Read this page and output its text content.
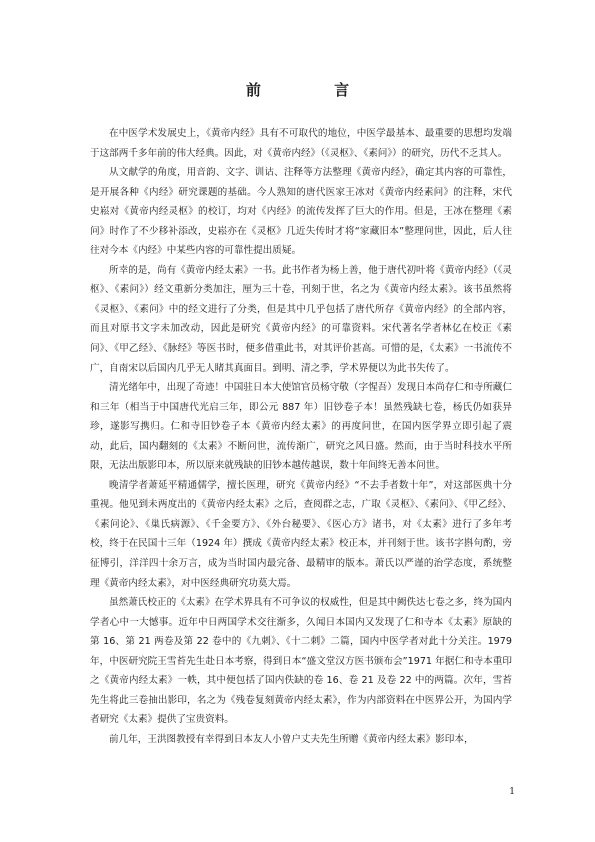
前 言

在中医学术发展史上，《黄帝内经》具有不可取代的地位，中医学最基本、最重要的思想均发端于这部两千多年前的伟大经典。因此，对《黄帝内经》（《灵枢》、《素问》）的研究，历代不乏其人。

从文献学的角度，用音韵、文字、训诂、注释等方法整理《黄帝内经》，确定其内容的可靠性，是开展各种《内经》研究课题的基础。今人熟知的唐代医家王冰对《黄帝内经素问》的注释，宋代史崧对《黄帝内经灵枢》的校订，均对《内经》的流传发挥了巨大的作用。但是，王冰在整理《素问》时作了不少移补添改，史崧亦在《灵枢》几近失传时才将“家藏旧本”整理问世，因此，后人往往对今本《内经》中某些内容的可靠性提出质疑。

所幸的是，尚有《黄帝内经太素》一书。此书作者为杨上善，他于唐代初叶将《黄帝内经》（《灵枢》、《素问》）经文重新分类加注，厘为三十卷，刊刻于世，名之为《黄帝内经太素》。该书虽然将《灵枢》、《素问》中的经文进行了分类，但是其中几乎包括了唐代所存《黄帝内经》的全部内容，而且对原书文字未加改动，因此是研究《黄帝内经》的可靠资料。宋代著名学者林亿在校正《素问》、《甲乙经》、《脉经》等医书时，便多借重此书，对其评价甚高。可惜的是，《太素》一书流传不广，自南宋以后国内几乎无人睹其真面目。到明、清之季，学术界便以为此书失传了。

清光绪年中，出现了奇迹！中国驻日本大使馆官员杨守敬（字惺吾）发现日本尚存仁和寺所藏仁和三年（相当于中国唐代光启三年，即公元 887 年）旧钞卷子本！虽然残缺七卷，杨氏仍如获异珍，遂影写携归。仁和寺旧钞卷子本《黄帝内经太素》的再度问世，在国内医学界立即引起了震动，此后，国内翻刻的《太素》不断问世，流传渐广，研究之风日盛。然而，由于当时科技水平所限，无法出版影印本，所以原来就残缺的旧钞本越传越误，数十年间终无善本问世。

晚清学者萧延平精通儒学，擅长医理，研究《黄帝内经》“不去手者数十年”，对这部医典十分重视。他见到未两度出的《黄帝内经太素》之后，查阅群之志，广取《灵枢》、《素问》、《甲乙经》、《素问论》、《巢氏病源》、《千金要方》、《外台秘要》、《医心方》诸书，对《太素》进行了多年考校，终于在民国十三年（1924 年）撰成《黄帝内经太素》校正本，并刊刻于世。该书字斟句酌，旁征博引，洋洋四十余万言，成为当时国内最完备、最精审的版本。萧氏以严谨的治学态度，系统整理《黄帝内经太素》，对中医经典研究功莫大焉。

虽然萧氏校正的《太素》在学术界具有不可争议的权威性，但是其中阙佚达七卷之多，终为国内学者心中一大憾事。近年中日两国学术交往渐多，久闻日本国内又发现了仁和寺本《太素》原缺的第 16、第 21 两卷及第 22 卷中的《九刺》、《十二刺》二篇，国内中医学者对此十分关注。1979 年，中医研究院王雪苔先生赴日本考察，得到日本“盛文堂汉方医书颁布会”1971 年据仁和寺本重印之《黄帝内经太素》一帙，其中便包括了国内佚缺的卷 16、卷 21 及卷 22 中的两篇。次年，雪苔先生将此三卷抽出影印，名之为《残卷复刻黄帝内经太素》，作为内部资料在中医界公开，为国内学者研究《太素》提供了宝贵资料。

前几年，王洪图教授有幸得到日本友人小曾户丈夫先生所赠《黄帝内经太素》影印本，

1
